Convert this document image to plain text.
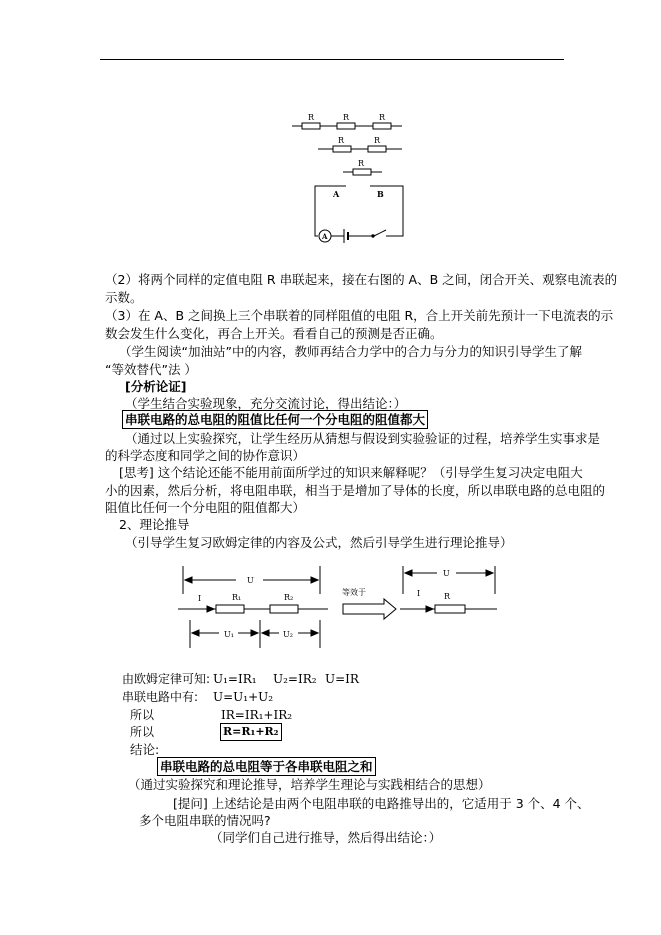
R	R	R
R	R
R
A	B
A
（2）将两个同样的定值电阻 R 串联起来，接在右图的 A、B 之间，闭合开关、观察电流表的
示数。
（3）在 A、B 之间换上三个串联着的同样阻值的电阻 R，合上开关前先预计一下电流表的示
数会发生什么变化，再合上开关。看看自己的预测是否正确。
（学生阅读“加油站”中的内容，教师再结合力学中的合力与分力的知识引导学生了解
“等效替代”法 ）
[分析论证]
（学生结合实验现象，充分交流讨论，得出结论：）
串联电路的总电阻的阻值比任何一个分电阻的阻值都大
（通过以上实验探究，让学生经历从猜想与假设到实验验证的过程，培养学生实事求是
的科学态度和同学之间的协作意识）
[思考] 这个结论还能不能用前面所学过的知识来解释呢？（引导学生复习决定电阻大
小的因素，然后分析，将电阻串联，相当于是增加了导体的长度，所以串联电路的总电阻的
阻值比任何一个分电阻的阻值都大）
2、理论推导
（引导学生复习欧姆定律的内容及公式，然后引导学生进行理论推导）
U
I	R₁	R₂
U₁	U₂
等效于
U
I	R
由欧姆定律可知: U₁=IR₁ U₂=IR₂ U=IR
串联电路中有: U=U₁+U₂
所以	IR=IR₁+IR₂
所以	R=R₁+R₂
结论:
串联电路的总电阻等于各串联电阻之和
（通过实验探究和理论推导，培养学生理论与实践相结合的思想）
[提问] 上述结论是由两个电阻串联的电路推导出的，它适用于 3 个、4 个、
多个电阻串联的情况吗?
（同学们自己进行推导，然后得出结论：）
